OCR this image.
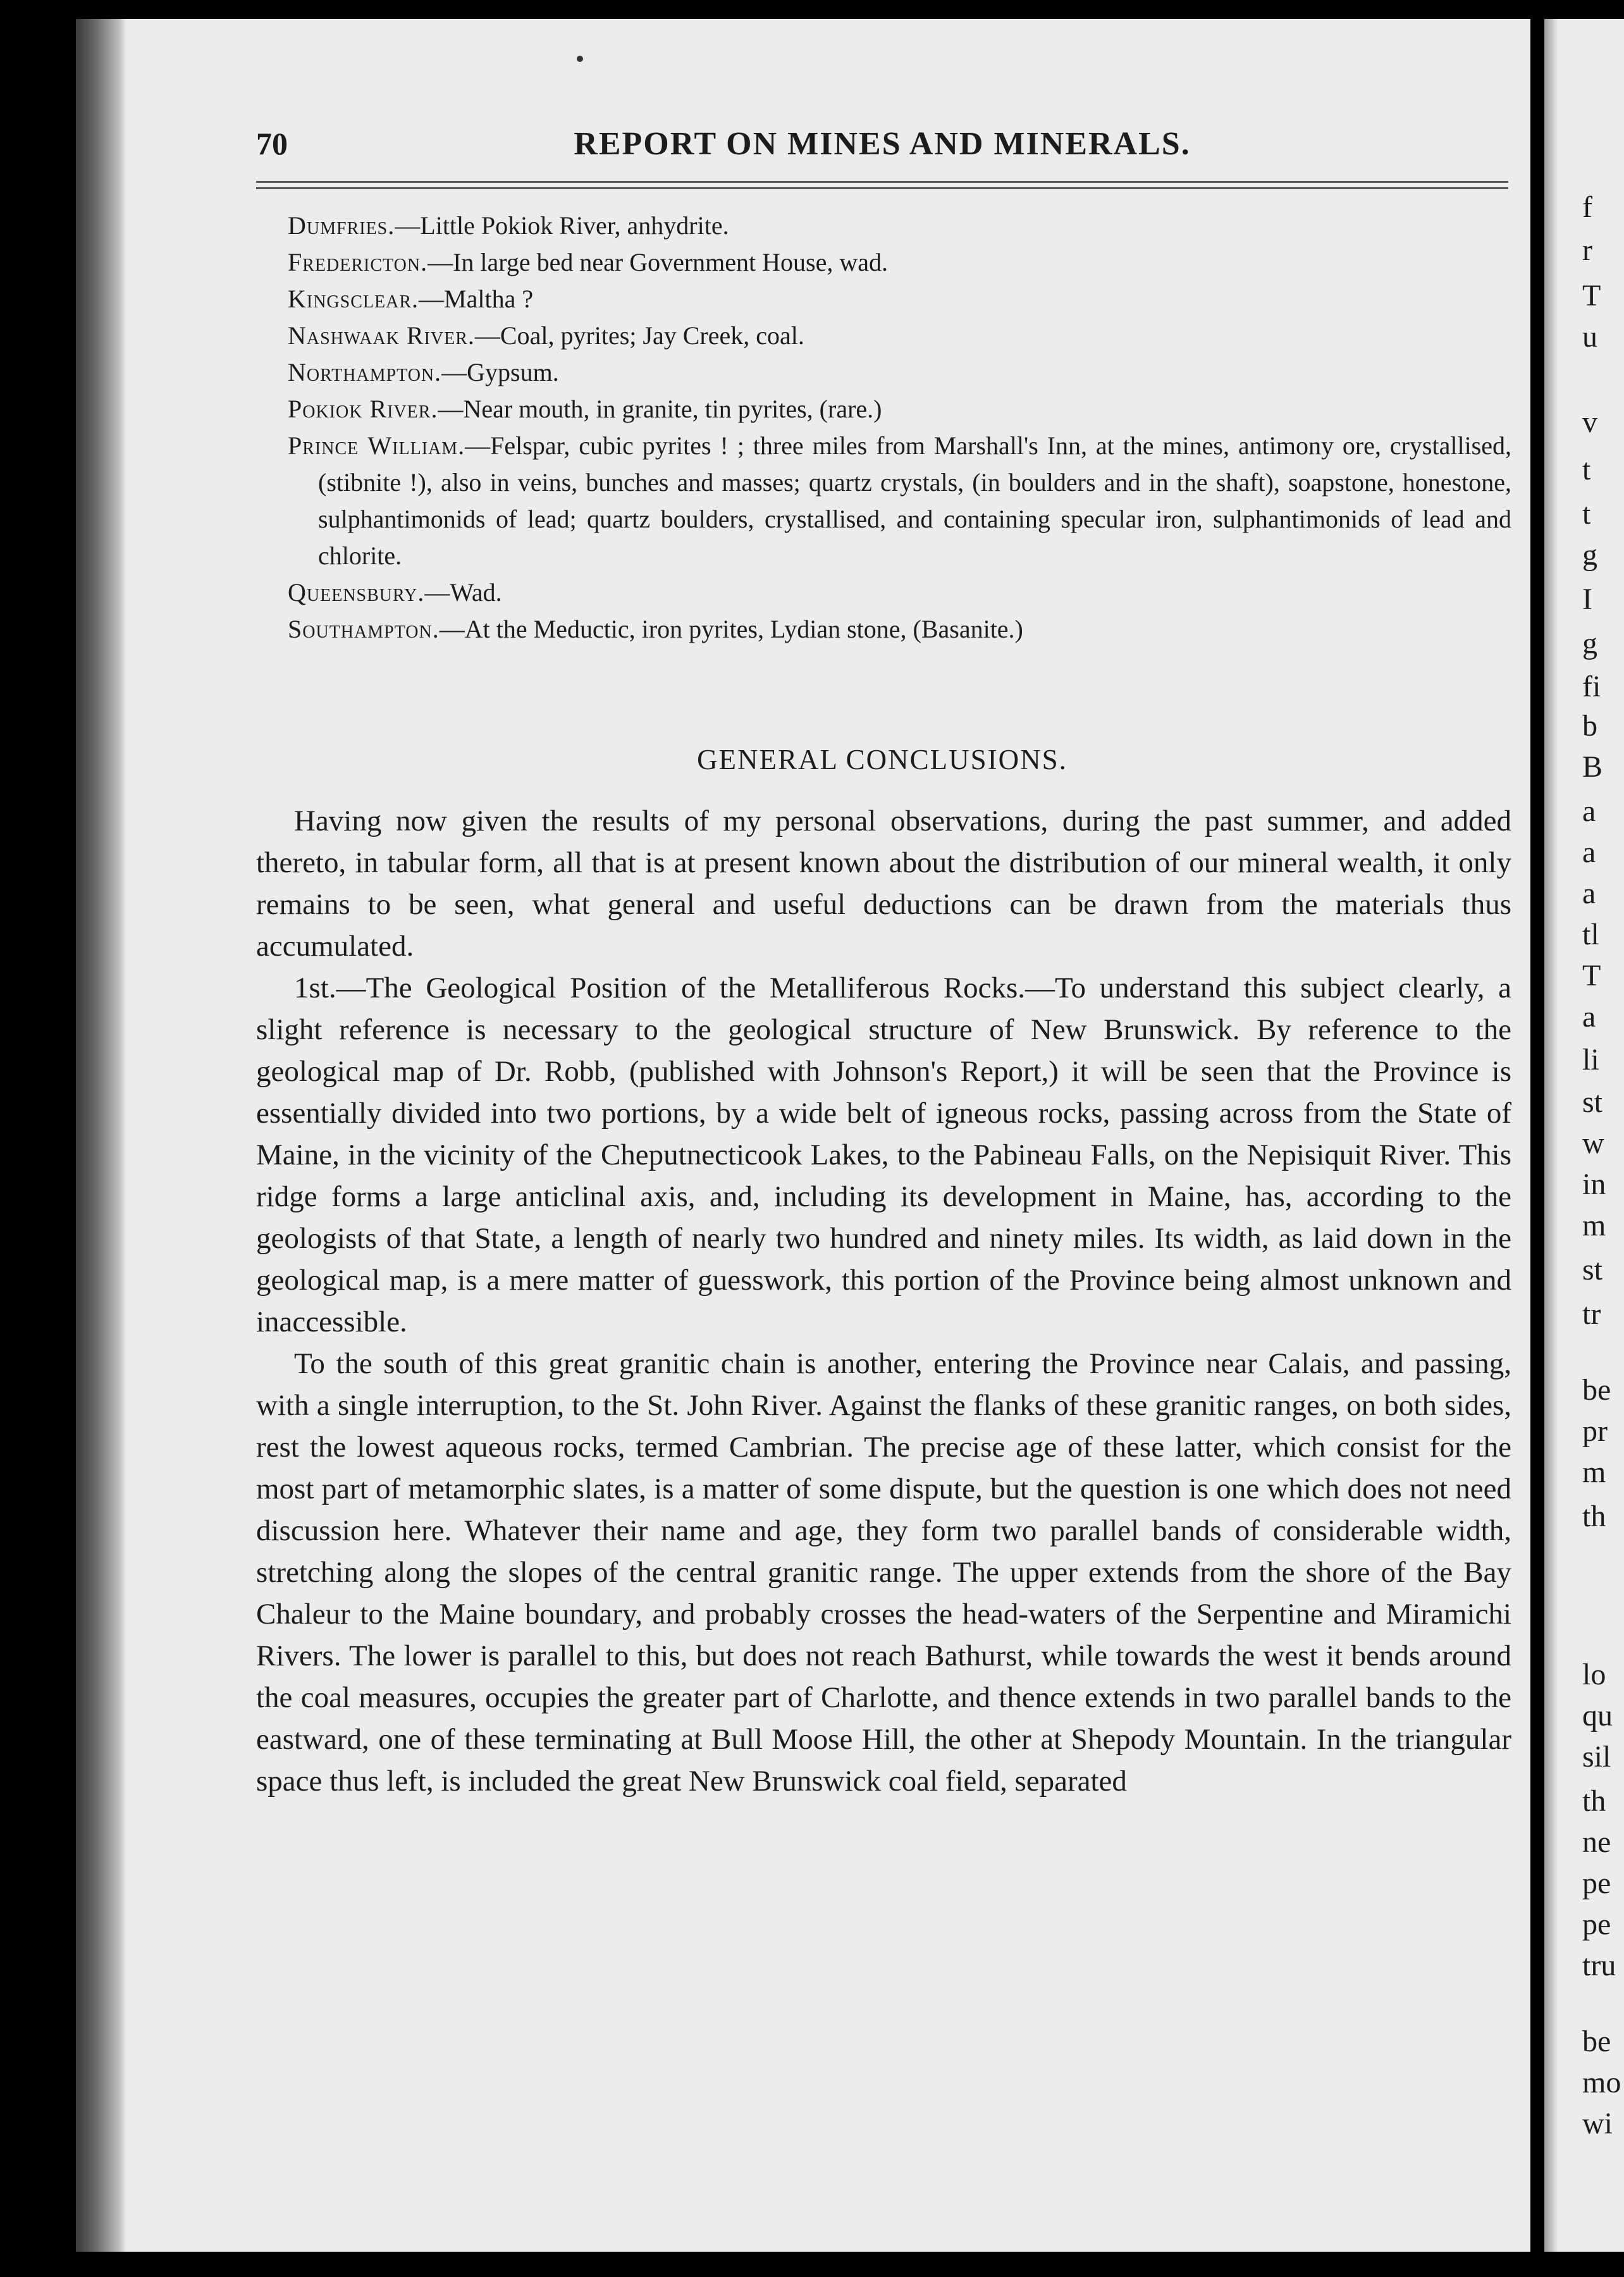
70	REPORT ON MINES AND MINERALS.

Dumfries.—Little Pokiok River, anhydrite.

Fredericton.—In large bed near Government House, wad.

Kingsclear.—Maltha ?

Nashwaak River.—Coal, pyrites; Jay Creek, coal.

Northampton.—Gypsum.

Pokiok River.—Near mouth, in granite, tin pyrites, (rare.)

Prince William.—Felspar, cubic pyrites ! ; three miles from Marshall's Inn, at the mines, antimony ore, crystallised, (stibnite !), also in veins, bunches and masses; quartz crystals, (in boulders and in the shaft), soapstone, honestone, sulphantimonids of lead; quartz boulders, crystallised, and containing specular iron, sulphantimonids of lead and chlorite.

Queensbury.—Wad.

Southampton.—At the Meductic, iron pyrites, Lydian stone, (Basanite.)

GENERAL CONCLUSIONS.

Having now given the results of my personal observations, during the past summer, and added thereto, in tabular form, all that is at present known about the distribution of our mineral wealth, it only remains to be seen, what general and useful deductions can be drawn from the materials thus accumulated.

1st.—The Geological Position of the Metalliferous Rocks.—To understand this subject clearly, a slight reference is necessary to the geological structure of New Brunswick. By reference to the geological map of Dr. Robb, (published with Johnson's Report,) it will be seen that the Province is essentially divided into two portions, by a wide belt of igneous rocks, passing across from the State of Maine, in the vicinity of the Cheputnecticook Lakes, to the Pabineau Falls, on the Nepisiquit River. This ridge forms a large anticlinal axis, and, including its development in Maine, has, according to the geologists of that State, a length of nearly two hundred and ninety miles. Its width, as laid down in the geological map, is a mere matter of guesswork, this portion of the Province being almost unknown and inaccessible.

To the south of this great granitic chain is another, entering the Province near Calais, and passing, with a single interruption, to the St. John River. Against the flanks of these granitic ranges, on both sides, rest the lowest aqueous rocks, termed Cambrian. The precise age of these latter, which consist for the most part of metamorphic slates, is a matter of some dispute, but the question is one which does not need discussion here. Whatever their name and age, they form two parallel bands of considerable width, stretching along the slopes of the central granitic range. The upper extends from the shore of the Bay Chaleur to the Maine boundary, and probably crosses the head-waters of the Serpentine and Miramichi Rivers. The lower is parallel to this, but does not reach Bathurst, while towards the west it bends around the coal measures, occupies the greater part of Charlotte, and thence extends in two parallel bands to the eastward, one of these terminating at Bull Moose Hill, the other at Shepody Mountain. In the triangular space thus left, is included the great New Brunswick coal field, separated

f
r
T
u
v
t
t
g
I
g
fi
b
B
a
a
a
tl
T
a
li
st
w
in
m
st
tr
be
pr
m
th
lo
qu
sil
th
ne
pe
pe
tru
be
mo
wi
